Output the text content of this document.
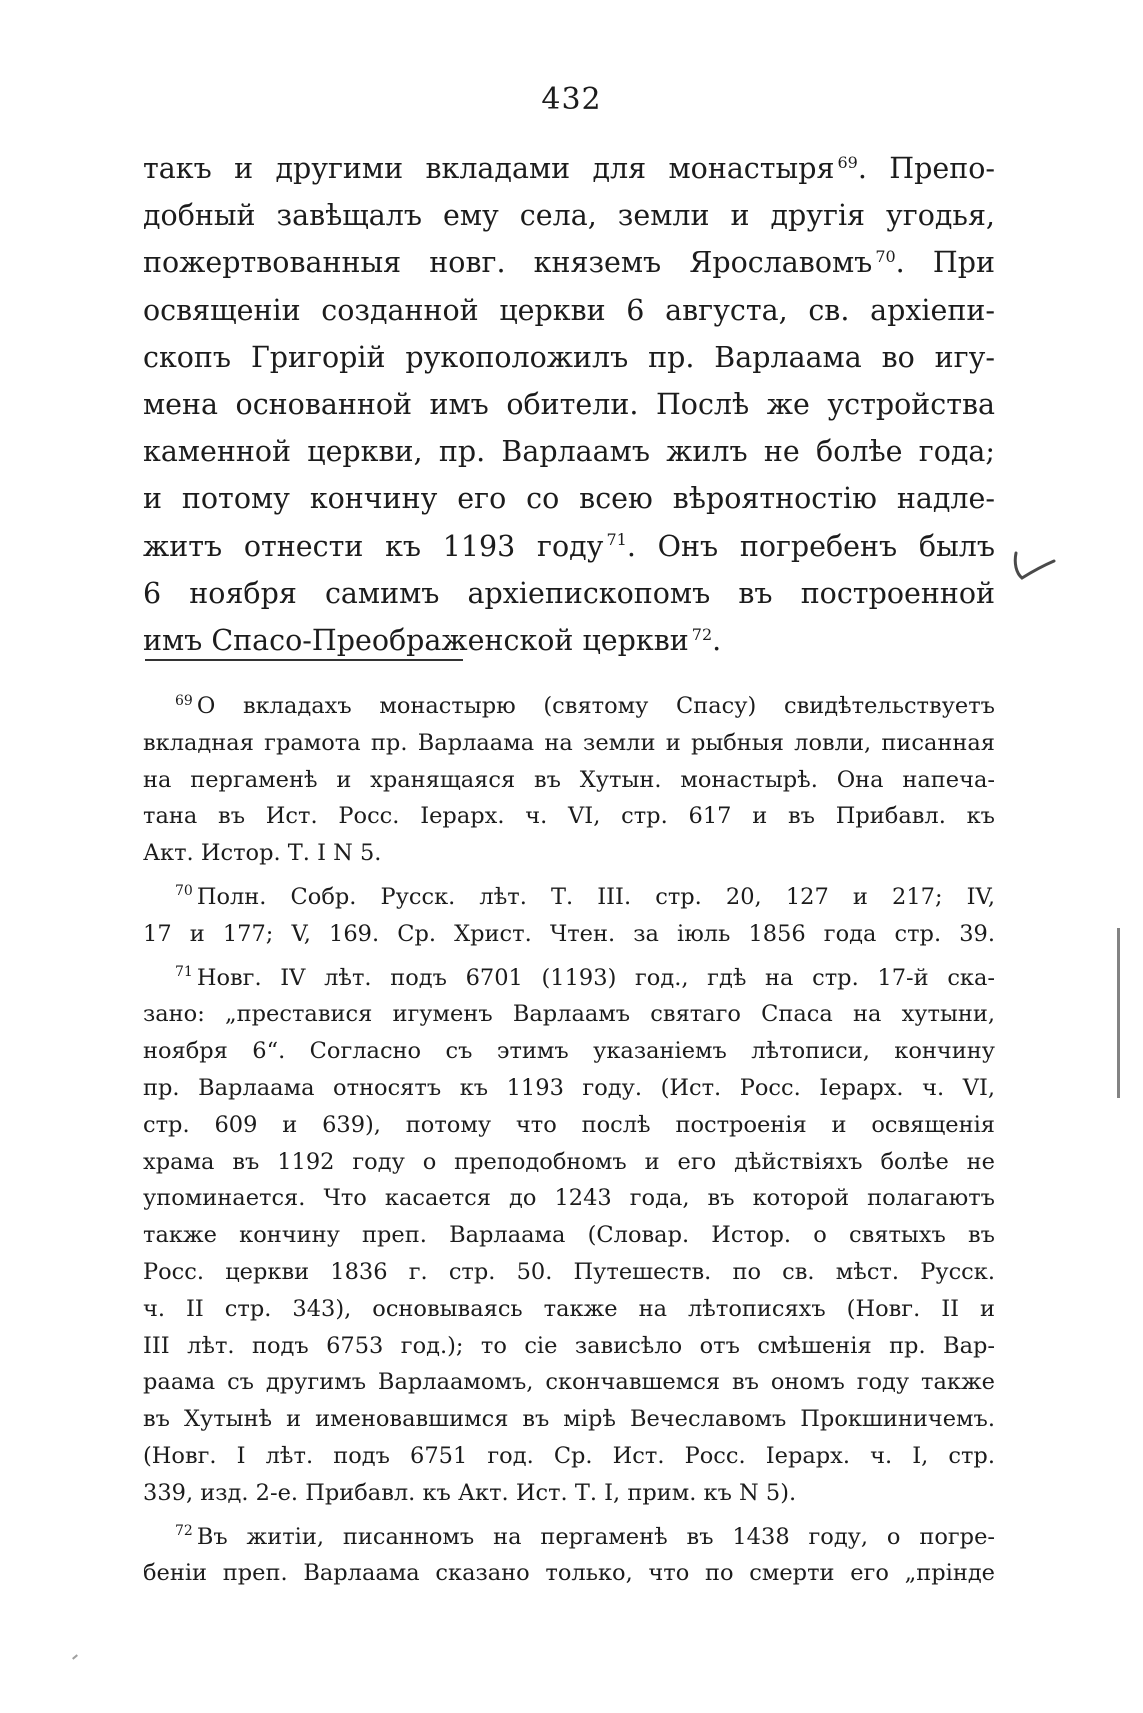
432
такъ и другими вкладами для монастыря $^{69}$. Препо-
добный завѣщалъ ему села, земли и другія угодья,
пожертвованныя новг. княземъ Ярославомъ $^{70}$. При
освященіи созданной церкви 6 августа, св. архіепи-
скопъ Григорій рукоположилъ пр. Варлаама во игу-
мена основанной имъ обители. Послѣ же устройства
каменной церкви, пр. Варлаамъ жилъ не болѣе года;
и потому кончину его со всею вѣроятностію надле-
житъ отнести къ 1193 году $^{71}$. Онъ погребенъ былъ
6 ноября самимъ архіепископомъ въ построенной
имъ Спасо-Преображенской церкви $^{72}$.
$^{69}$ О вкладахъ монастырю (святому Спасу) свидѣтельствуетъ
вкладная грамота пр. Варлаама на земли и рыбныя ловли, писанная
на пергаменѣ и хранящаяся въ Хутын. монастырѣ. Она напеча-
тана въ Ист. Росс. Іерарх. ч. VI, стр. 617 и въ Прибавл. къ
Акт. Истор. Т. I N 5.
$^{70}$ Полн. Собр. Русск. лѣт. Т. III. стр. 20, 127 и 217; IV,
17 и 177; V, 169. Ср. Христ. Чтен. за іюль 1856 года стр. 39.
$^{71}$ Новг. IV лѣт. подъ 6701 (1193) год., гдѣ на стр. 17-й ска-
зано: „преставися игуменъ Варлаамъ святаго Спаса на хутыни,
ноября 6“. Согласно съ этимъ указаніемъ лѣтописи, кончину
пр. Варлаама относятъ къ 1193 году. (Ист. Росс. Іерарх. ч. VI,
стр. 609 и 639), потому что послѣ построенія и освященія
храма въ 1192 году о преподобномъ и его дѣйствіяхъ болѣе не
упоминается. Что касается до 1243 года, въ которой полагаютъ
также кончину преп. Варлаама (Словар. Истор. о святыхъ въ
Росс. церкви 1836 г. стр. 50. Путешеств. по св. мѣст. Русск.
ч. II стр. 343), основываясь также на лѣтописяхъ (Новг. II и
III лѣт. подъ 6753 год.); то сіе зависѣло отъ смѣшенія пр. Вар-
раама съ другимъ Варлаамомъ, скончавшемся въ ономъ году также
въ Хутынѣ и именовавшимся въ мірѣ Вечеславомъ Прокшиничемъ.
(Новг. I лѣт. подъ 6751 год. Ср. Ист. Росс. Іерарх. ч. I, стр.
339, изд. 2-е. Прибавл. къ Акт. Ист. Т. I, прим. къ N 5).
$^{72}$ Въ житіи, писанномъ на пергаменѣ въ 1438 году, о погре-
беніи преп. Варлаама сказано только, что по смерти его „прінде
